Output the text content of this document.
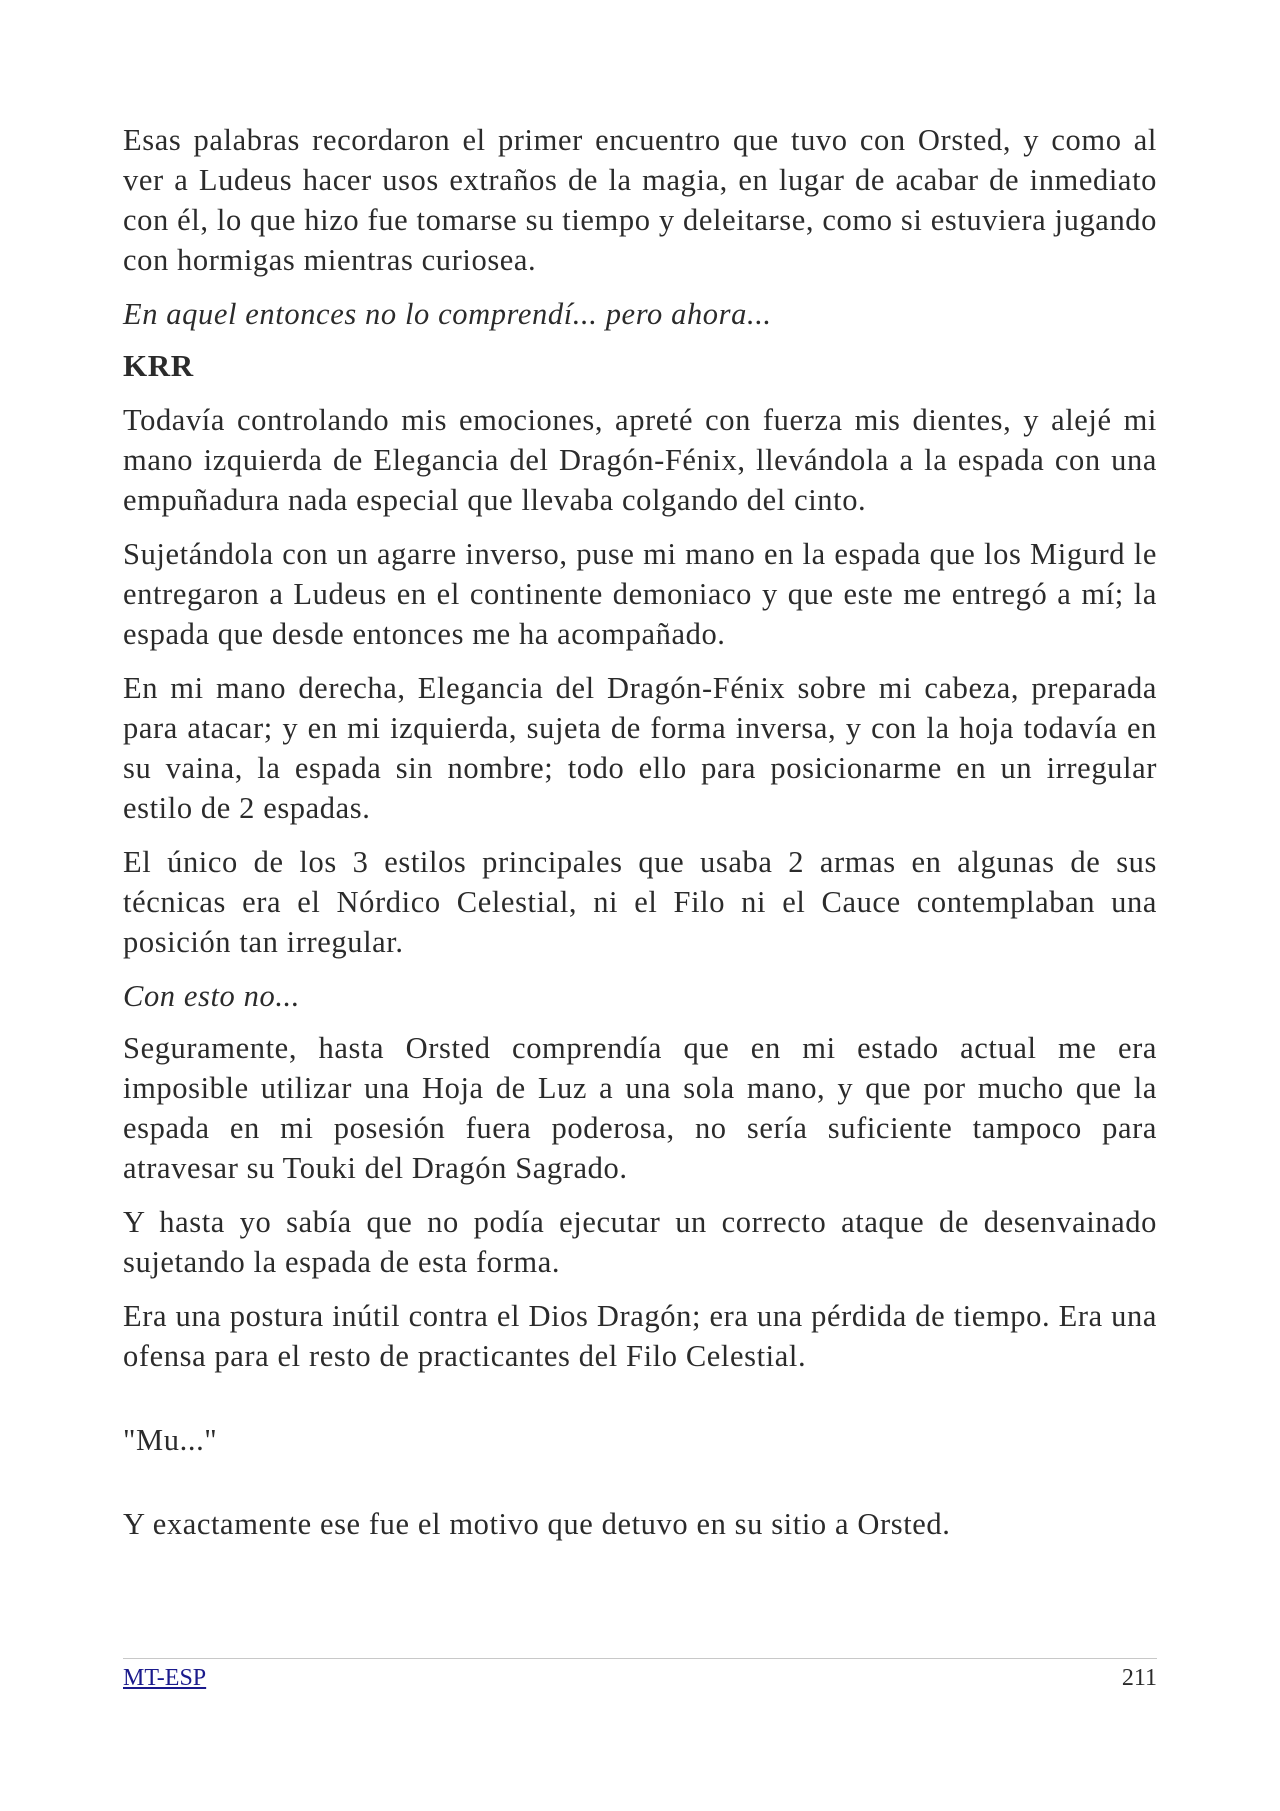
Esas palabras recordaron el primer encuentro que tuvo con Orsted, y como al ver a Ludeus hacer usos extraños de la magia, en lugar de acabar de inmediato con él, lo que hizo fue tomarse su tiempo y deleitarse, como si estuviera jugando con hormigas mientras curiosea.

En aquel entonces no lo comprendí... pero ahora...

KRR

Todavía controlando mis emociones, apreté con fuerza mis dientes, y alejé mi mano izquierda de Elegancia del Dragón-Fénix, llevándola a la espada con una empuñadura nada especial que llevaba colgando del cinto.

Sujetándola con un agarre inverso, puse mi mano en la espada que los Migurd le entregaron a Ludeus en el continente demoniaco y que este me entregó a mí; la espada que desde entonces me ha acompañado.

En mi mano derecha, Elegancia del Dragón-Fénix sobre mi cabeza, preparada para atacar; y en mi izquierda, sujeta de forma inversa, y con la hoja todavía en su vaina, la espada sin nombre; todo ello para posicionarme en un irregular estilo de 2 espadas.

El único de los 3 estilos principales que usaba 2 armas en algunas de sus técnicas era el Nórdico Celestial, ni el Filo ni el Cauce contemplaban una posición tan irregular.

Con esto no...

Seguramente, hasta Orsted comprendía que en mi estado actual me era imposible utilizar una Hoja de Luz a una sola mano, y que por mucho que la espada en mi posesión fuera poderosa, no sería suficiente tampoco para atravesar su Touki del Dragón Sagrado.

Y hasta yo sabía que no podía ejecutar un correcto ataque de desenvainado sujetando la espada de esta forma.

Era una postura inútil contra el Dios Dragón; era una pérdida de tiempo. Era una ofensa para el resto de practicantes del Filo Celestial.

"Mu..."

Y exactamente ese fue el motivo que detuvo en su sitio a Orsted.

MT-ESP	211
